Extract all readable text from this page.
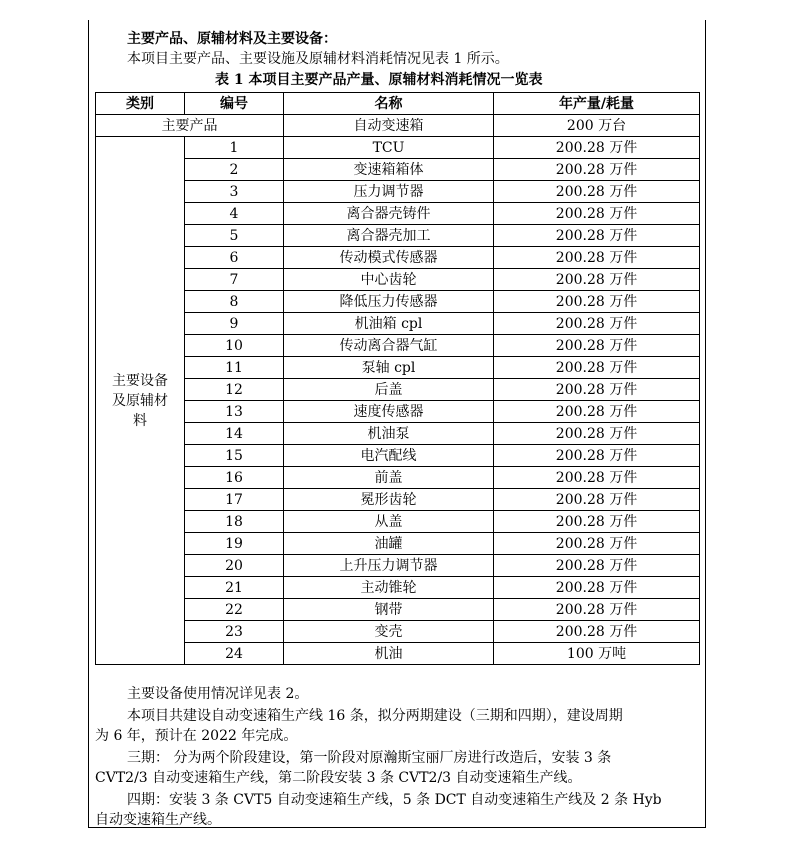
主要产品、原辅材料及主要设备：
本项目主要产品、主要设施及原辅材料消耗情况见表 1 所示。
表 1 本项目主要产品产量、原辅材料消耗情况一览表
类别	编号	名称	年产量/耗量
主要产品		自动变速箱	200 万台

主要设备
及原辅材
料	1	TCU	200.28 万件
	2	变速箱箱体	200.28 万件
	3	压力调节器	200.28 万件
	4	离合器壳铸件	200.28 万件
	5	离合器壳加工	200.28 万件
	6	传动模式传感器	200.28 万件
	7	中心齿轮	200.28 万件
	8	降低压力传感器	200.28 万件
	9	机油箱 cpl	200.28 万件
	10	传动离合器气缸	200.28 万件
	11	泵轴 cpl	200.28 万件
	12	后盖	200.28 万件
	13	速度传感器	200.28 万件
	14	机油泵	200.28 万件
	15	电汽配线	200.28 万件
	16	前盖	200.28 万件
	17	冕形齿轮	200.28 万件
	18	从盖	200.28 万件
	19	油罐	200.28 万件
	20	上升压力调节器	200.28 万件
	21	主动锥轮	200.28 万件
	22	钢带	200.28 万件
	23	变壳	200.28 万件
	24	机油	100 万吨
主要设备使用情况详见表 2。
本项目共建设自动变速箱生产线 16 条，拟分两期建设（三期和四期），建设周期
为 6 年，预计在 2022 年完成。
三期： 分为两个阶段建设，第一阶段对原瀚斯宝丽厂房进行改造后，安装 3 条
CVT2/3 自动变速箱生产线，第二阶段安装 3 条 CVT2/3 自动变速箱生产线。
四期：安装 3 条 CVT5 自动变速箱生产线，5 条 DCT 自动变速箱生产线及 2 条 Hyb
自动变速箱生产线。
